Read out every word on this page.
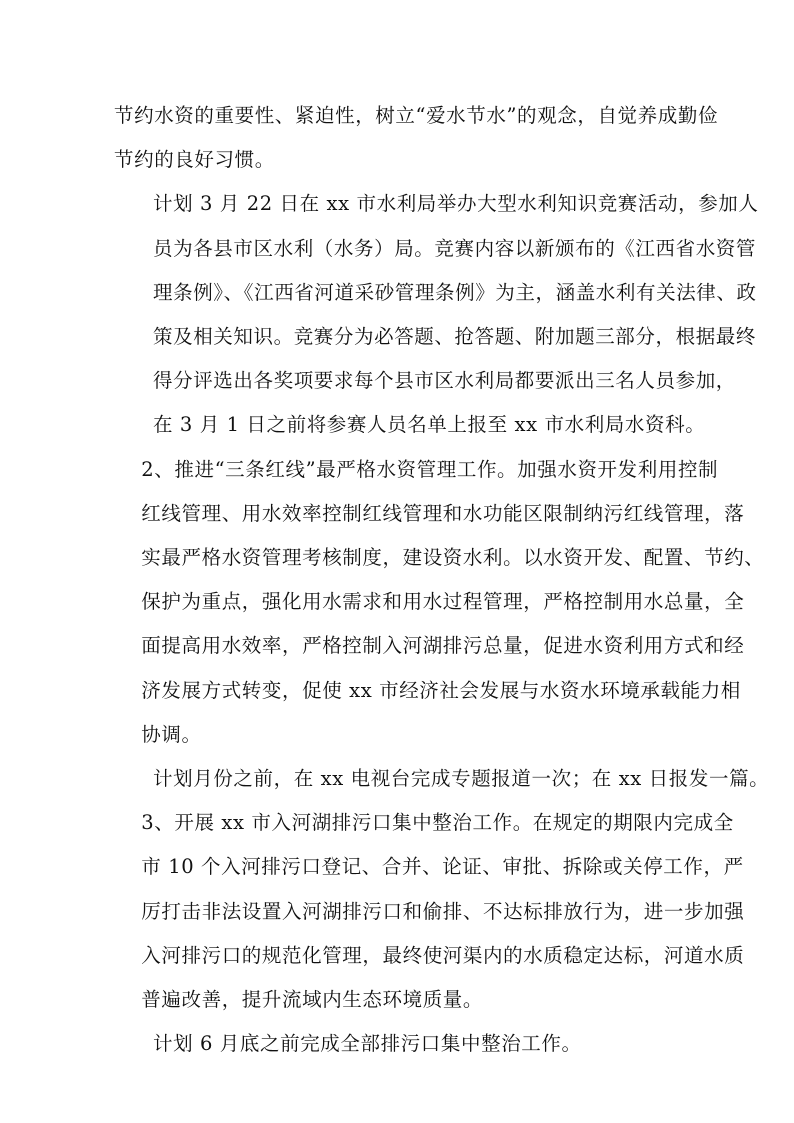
节约水资的重要性、紧迫性，树立“爱水节水”的观念，自觉养成勤俭
节约的良好习惯。

计划 3 月 22 日在 xx 市水利局举办大型水利知识竞赛活动，参加人
员为各县市区水利（水务）局。竞赛内容以新颁布的《江西省水资管
理条例》、《江西省河道采砂管理条例》为主，涵盖水利有关法律、政
策及相关知识。竞赛分为必答题、抢答题、附加题三部分，根据最终
得分评选出各奖项要求每个县市区水利局都要派出三名人员参加，
在 3 月 1 日之前将参赛人员名单上报至 xx 市水利局水资科。

2、推进“三条红线”最严格水资管理工作。加强水资开发利用控制
红线管理、用水效率控制红线管理和水功能区限制纳污红线管理，落
实最严格水资管理考核制度，建设资水利。以水资开发、配置、节约、
保护为重点，强化用水需求和用水过程管理，严格控制用水总量，全
面提高用水效率，严格控制入河湖排污总量，促进水资利用方式和经
济发展方式转变，促使 xx 市经济社会发展与水资水环境承载能力相
协调。

计划月份之前，在 xx 电视台完成专题报道一次；在 xx 日报发一篇。

3、开展 xx 市入河湖排污口集中整治工作。在规定的期限内完成全
市 10 个入河排污口登记、合并、论证、审批、拆除或关停工作，严
厉打击非法设置入河湖排污口和偷排、不达标排放行为，进一步加强
入河排污口的规范化管理，最终使河渠内的水质稳定达标，河道水质
普遍改善，提升流域内生态环境质量。

计划 6 月底之前完成全部排污口集中整治工作。
